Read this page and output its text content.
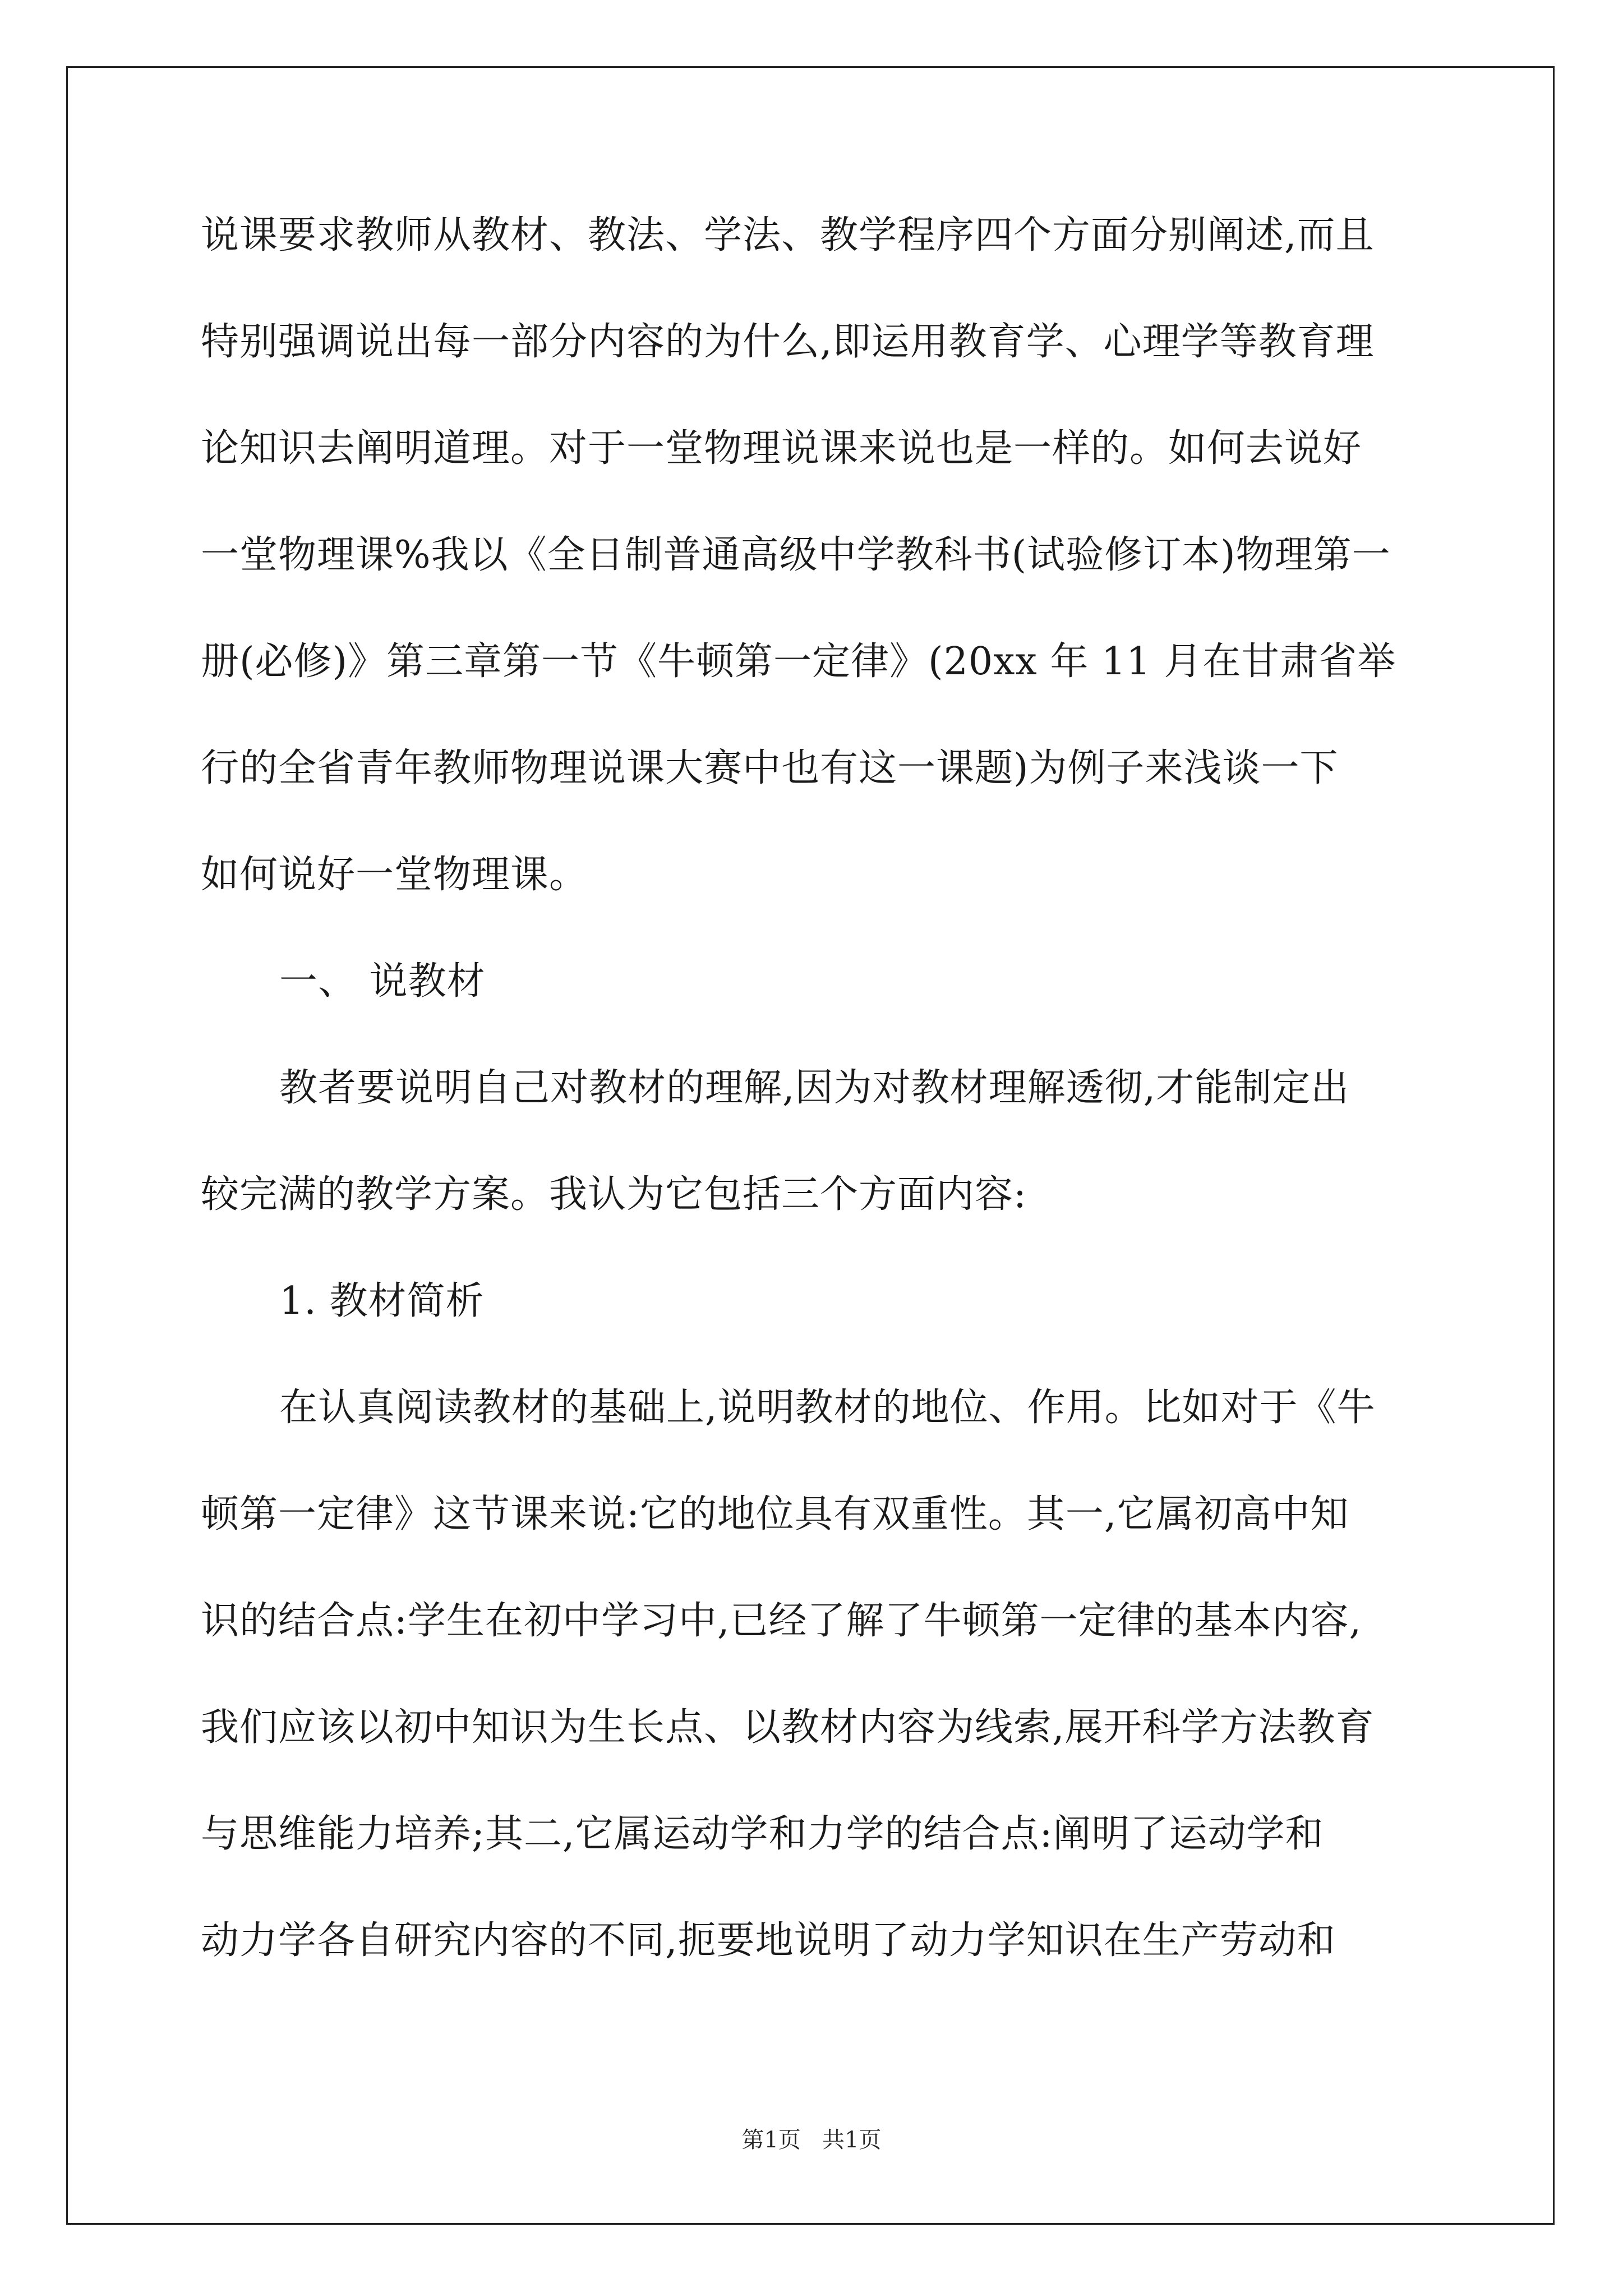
说课要求教师从教材、教法、学法、教学程序四个方面分别阐述,而且
特别强调说出每一部分内容的为什么,即运用教育学、心理学等教育理
论知识去阐明道理。对于一堂物理说课来说也是一样的。如何去说好
一堂物理课%我以《全日制普通高级中学教科书(试验修订本)物理第一
册(必修)》第三章第一节《牛顿第一定律》(20xx 年 11 月在甘肃省举
行的全省青年教师物理说课大赛中也有这一课题)为例子来浅谈一下
如何说好一堂物理课。
一、 说教材
教者要说明自己对教材的理解,因为对教材理解透彻,才能制定出
较完满的教学方案。我认为它包括三个方面内容:
1. 教材简析
在认真阅读教材的基础上,说明教材的地位、作用。比如对于《牛
顿第一定律》这节课来说:它的地位具有双重性。其一,它属初高中知
识的结合点:学生在初中学习中,已经了解了牛顿第一定律的基本内容,
我们应该以初中知识为生长点、以教材内容为线索,展开科学方法教育
与思维能力培养;其二,它属运动学和力学的结合点:阐明了运动学和
动力学各自研究内容的不同,扼要地说明了动力学知识在生产劳动和
第1页   共1页
